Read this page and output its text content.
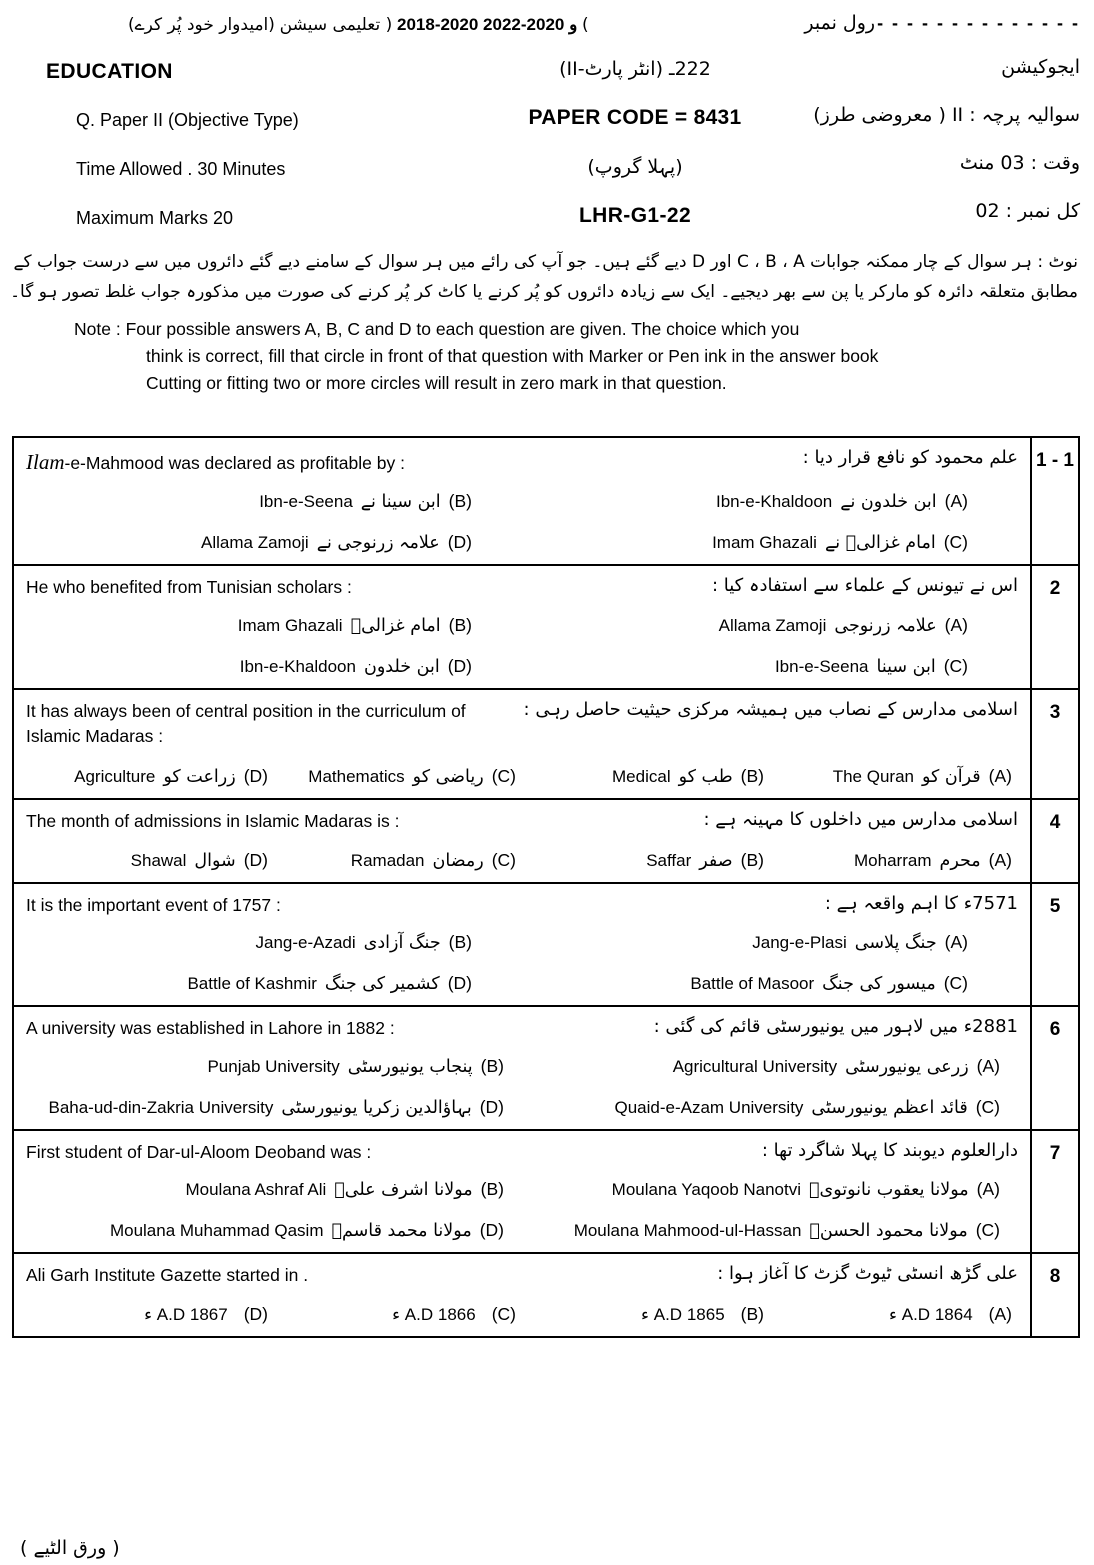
رول نمبر - - - - - - - - - - - - - -
) 2018-2020 و 2020-2022 ( تعلیمی سیشن (امیدوار خود پُر کرے)
EDUCATION
Q. Paper II (Objective Type)
Time Allowed . 30 Minutes
Maximum Marks 20
222ـ (انٹر پارٹ-II)
PAPER CODE = 8431
(پہلا گروپ)
LHR-G1-22
ایجوکیشن
سوالیہ پرچہ : II ( معروضی طرز)
وقت : 30 منٹ
کل نمبر : 20
نوٹ : ہر سوال کے چار ممکنہ جوابات A ، B ، C اور D دیے گئے ہیں۔ جو آپ کی رائے میں ہر سوال کے سامنے دیے گئے دائروں میں سے درست جواب کے
مطابق متعلقہ دائرہ کو مارکر یا پن سے بھر دیجیے۔ ایک سے زیادہ دائروں کو پُر کرنے یا کاٹ کر پُر کرنے کی صورت میں مذکورہ جواب غلط تصور ہو گا۔
Note : Four possible answers A, B, C and D to each question are given. The choice which you
think is correct, fill that circle in front of that question with Marker or Pen ink in the answer book
Cutting or fitting two or more circles will result in zero mark in that question.
1 - 1
Ilam-e-Mahmood was declared as profitable by :	علم محمود کو نافع قرار دیا :
(A)
ابن خلدون نے
Ibn-e-Khaldoon
(B)
ابن سینا نے
Ibn-e-Seena
(C)
امام غزالیؒ نے
Imam Ghazali
(D)
علامہ زرنوجی نے
Allama Zamoji
2
He who benefited from Tunisian scholars :	اس نے تیونس کے علماء سے استفادہ کیا :
(A)
علامہ زرنوجی
Allama Zamoji
(B)
امام غزالیؒ
Imam Ghazali
(C)
ابن سینا
Ibn-e-Seena
(D)
ابن خلدون
Ibn-e-Khaldoon
3
It has always been of central position in the curriculum of Islamic Madaras :
اسلامی مدارس کے نصاب میں ہمیشہ مرکزی حیثیت حاصل رہی :
(A)
قرآن کو
The Quran
(B)
طب کو
Medical
(C)
ریاضی کو
Mathematics
(D)
زراعت کو
Agriculture
4
The month of admissions in Islamic Madaras is :	اسلامی مدارس میں داخلوں کا مہینہ ہے :
(A)
محرم
Moharram
(B)
صفر
Saffar
(C)
رمضان
Ramadan
(D)
شوال
Shawal
5
It is the important event of 1757 :	1757ء کا اہم واقعہ ہے :
(A)
جنگ پلاسی
Jang-e-Plasi
(B)
جنگ آزادی
Jang-e-Azadi
(C)
میسور کی جنگ
Battle of Masoor
(D)
کشمیر کی جنگ
Battle of Kashmir
6
A university was established in Lahore in 1882 :	1882ء میں لاہور میں یونیورسٹی قائم کی گئی :
(A)
زرعی یونیورسٹی
Agricultural University
(B)
پنجاب یونیورسٹی
Punjab University
(C)
قائد اعظم یونیورسٹی
Quaid-e-Azam University
(D)
بہاؤالدین زکریا یونیورسٹی
Baha-ud-din-Zakria University
7
First student of Dar-ul-Aloom Deoband was :	دارالعلوم دیوبند کا پہلا شاگرد تھا :
(A)
مولانا یعقوب نانوتویؒ
Moulana Yaqoob Nanotvi
(B)
مولانا اشرف علیؒ
Moulana Ashraf Ali
(C)
مولانا محمود الحسنؒ
Moulana Mahmood-ul-Hassan
(D)
مولانا محمد قاسمؒ
Moulana Muhammad Qasim
8
Ali Garh Institute Gazette started in .	علی گڑھ انسٹی ٹیوٹ گزٹ کا آغاز ہوا :
(A)
1864 A.D ء
(B)
1865 A.D ء
(C)
1866 A.D ء
(D)
1867 A.D ء
( ورق الٹیے )
